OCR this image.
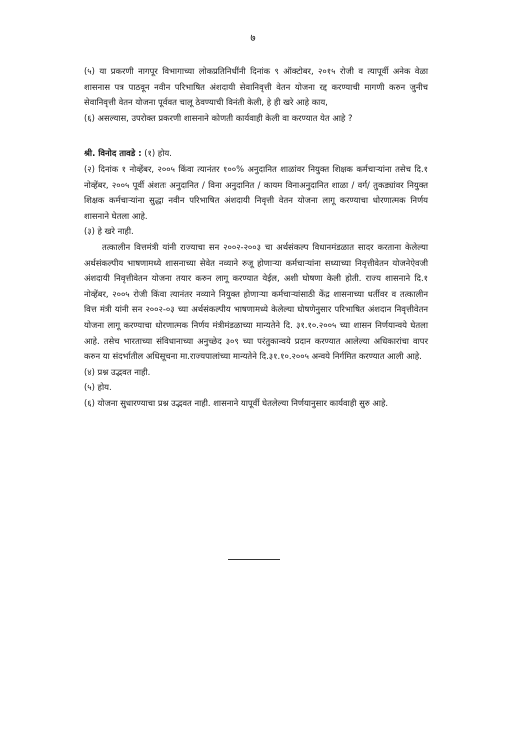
७

(५) या प्रकरणी नागपूर विभागाच्या लोकप्रतिनिधींनी दिनांक ९ ऑक्टोबर, २०१५ रोजी व त्यापूर्वी अनेक वेळा शासनास पत्र पाठवून नवीन परिभाषित अंशदायी सेवानिवृत्ती वेतन योजना रद्द करण्याची मागणी करुन जुनीच सेवानिवृत्ती वेतन योजना पूर्ववत चालू ठेवण्याची विनंती केली, हे ही खरे आहे काय,

(६) असल्यास, उपरोक्त प्रकरणी शासनाने कोणती कार्यवाही केली वा करण्यात येत आहे ?

श्री. विनोद तावडे : (१) होय.

(२) दिनांक १ नोव्हेंबर, २००५ किंवा त्यानंतर १००% अनुदानित शाळांवर नियुक्त शिक्षक कर्मचाऱ्यांना तसेच दि.१ नोव्हेंबर, २००५ पूर्वी अंशतः अनुदानित / विना अनुदानित / कायम विनाअनुदानित शाळा / वर्ग/ तुकड्यांवर नियुक्त शिक्षक कर्मचाऱ्यांना सुद्धा नवीन परिभाषित अंशदायी निवृत्ती वेतन योजना लागू करण्याचा धोरणात्मक निर्णय शासनाने घेतला आहे.

(३) हे खरे नाही.

तत्कालीन वित्तमंत्री यांनी राज्याचा सन २००२-२००३ चा अर्थसंकल्प विधानमंडळात सादर करताना केलेल्या अर्थसंकल्पीय भाषणामध्ये शासनाच्या सेवेत नव्याने रुजू होणाऱ्या कर्मचाऱ्यांना सध्याच्या निवृत्तीवेतन योजनेऐवजी अंशदायी निवृत्तीवेतन योजना तयार करुन लागू करण्यात येईल, अशी घोषणा केली होती. राज्य शासनाने दि.१ नोव्हेंबर, २००५ रोजी किंवा त्यानंतर नव्याने नियुक्त होणाऱ्या कर्मचाऱ्यांसाठी केंद्र शासनाच्या धर्तीवर व तत्कालीन वित्त मंत्री यांनी सन २००२-०३ च्या अर्थसंकल्पीय भाषणामध्ये केलेल्या घोषणेनुसार परिभाषित अंशदान निवृत्तीवेतन योजना लागू करण्याचा धोरणात्मक निर्णय मंत्रीमंडळाच्या मान्यतेने दि. ३१.१०.२००५ च्या शासन निर्णयान्वये घेतला आहे. तसेच भारताच्या संविधानाच्या अनुच्छेद ३०९ च्या परंतुकान्वये प्रदान करण्यात आलेल्या अधिकारांचा वापर करुन या संदर्भातील अधिसूचना मा.राज्यपालांच्या मान्यतेने दि.३१.१०.२००५ अन्वये निर्गमित करण्यात आली आहे.

(४) प्रश्न उद्भवत नाही.

(५) होय.

(६) योजना सुधारण्याचा प्रश्न उद्भवत नाही. शासनाने यापूर्वी घेतलेल्या निर्णयानुसार कार्यवाही सुरु आहे.
